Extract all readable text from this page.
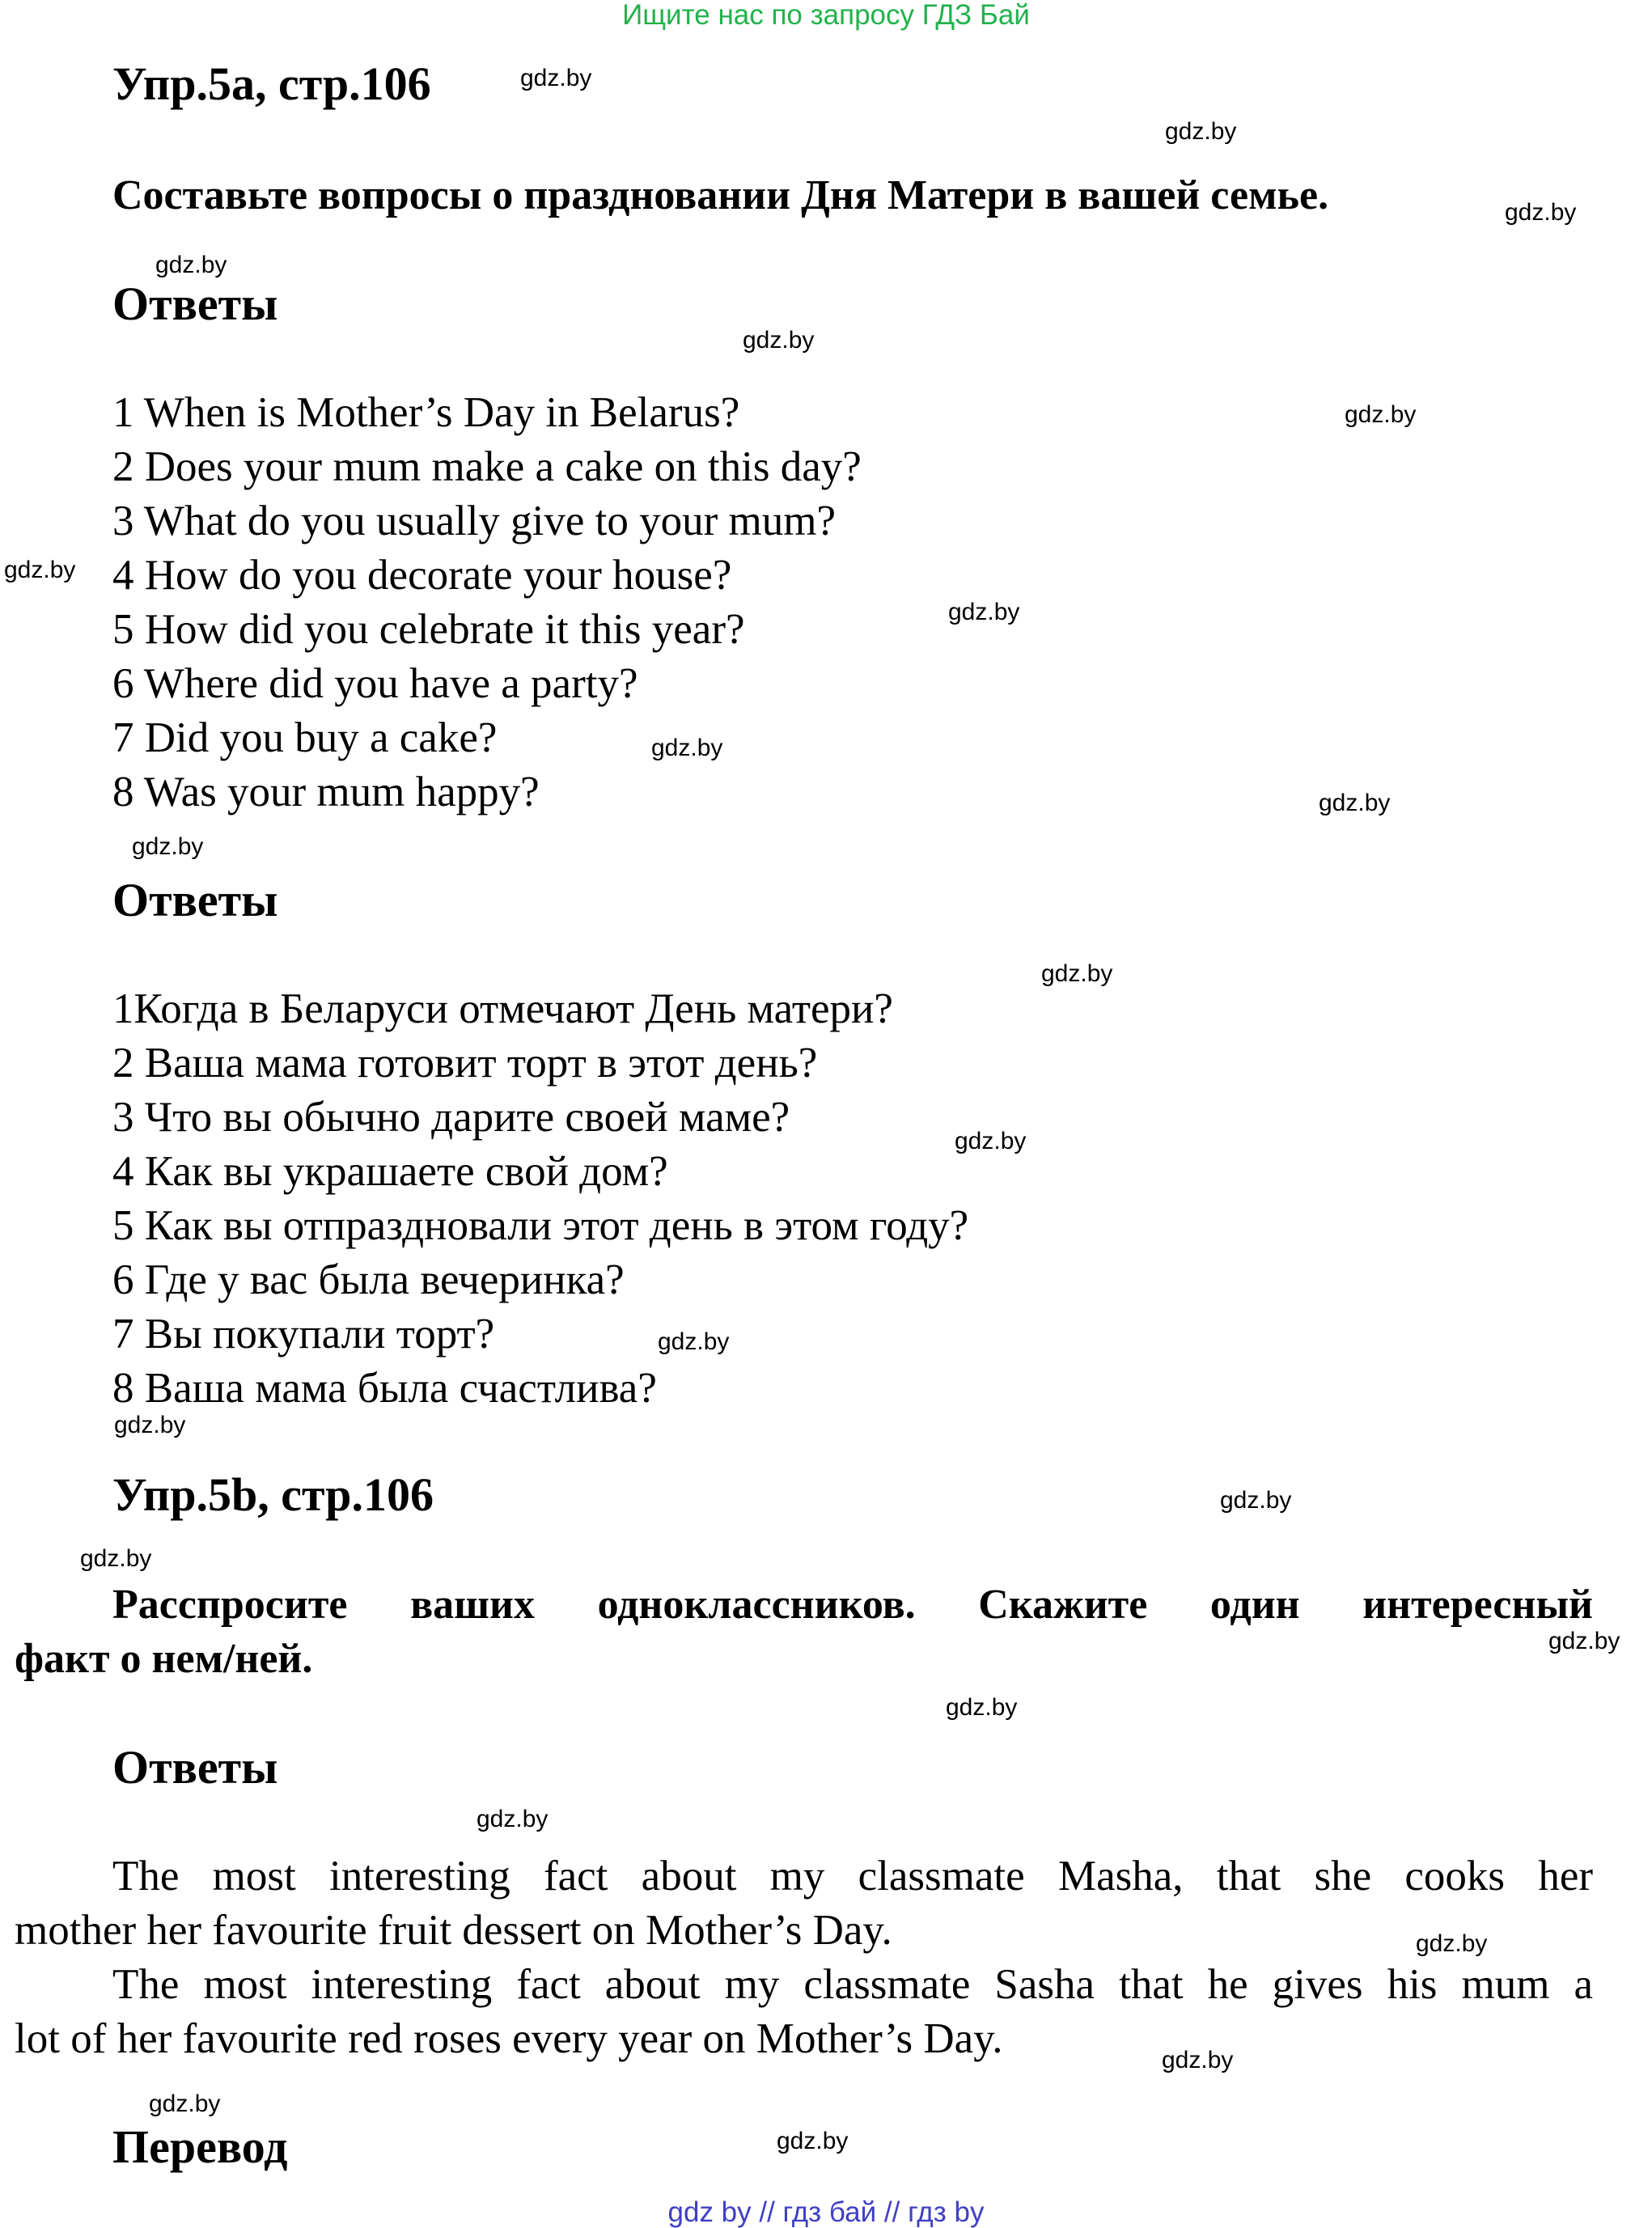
Ищите нас по запросу ГДЗ Бай
Упр.5a, стр.106
Составьте вопросы о праздновании Дня Матери в вашей семье.
Ответы
1 When is Mother’s Day in Belarus?
2 Does your mum make a cake on this day?
3 What do you usually give to your mum?
4 How do you decorate your house?
5 How did you celebrate it this year?
6 Where did you have a party?
7 Did you buy a cake?
8 Was your mum happy?
Ответы
1Когда в Беларуси отмечают День матери?
2 Ваша мама готовит торт в этот день?
3 Что вы обычно дарите своей маме?
4 Как вы украшаете свой дом?
5 Как вы отпраздновали этот день в этом году?
6 Где у вас была вечеринка?
7 Вы покупали торт?
8 Ваша мама была счастлива?
Упр.5b, стр.106
Расспросите ваших одноклассников. Скажите один интересный
факт о нем/ней.
Ответы
The most interesting fact about my classmate Masha, that she cooks her
mother her favourite fruit dessert on Mother’s Day.
The most interesting fact about my classmate Sasha that he gives his mum a
lot of her favourite red roses every year on Mother’s Day.
Перевод
gdz.by
gdz.by
gdz.by
gdz.by
gdz.by
gdz.by
gdz.by
gdz.by
gdz.by
gdz.by
gdz.by
gdz.by
gdz.by
gdz.by
gdz.by
gdz.by
gdz.by
gdz.by
gdz.by
gdz.by
gdz.by
gdz.by
gdz.by
gdz.by
gdz by // гдз бай // гдз by
